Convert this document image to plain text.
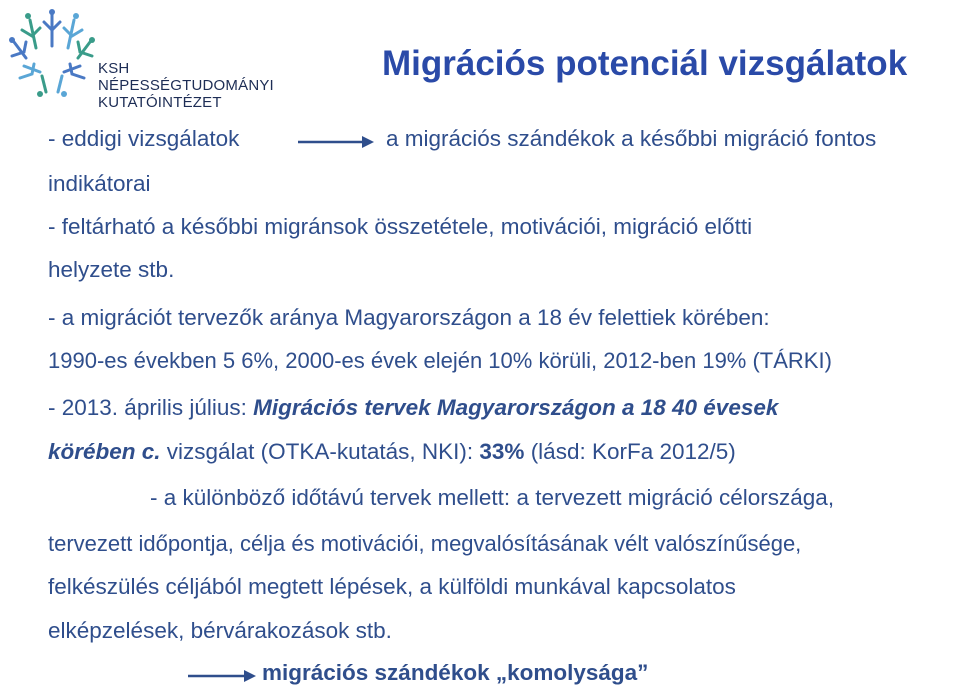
KSH NÉPESSÉGTUDOMÁNYI
KUTATÓINTÉZET
Migrációs potenciál vizsgálatok
- eddigi vizsgálatok	a migrációs szándékok a későbbi migráció fontos
indikátorai
- feltárható a későbbi migránsok összetétele, motivációi, migráció előtti
helyzete stb.
- a migrációt tervezők aránya Magyarországon a 18 év felettiek körében:
1990-es években 5 6%, 2000-es évek elején 10% körüli, 2012-ben 19% (TÁRKI)
- 2013. április július: Migrációs tervek Magyarországon a 18 40 évesek
körében c. vizsgálat (OTKA-kutatás, NKI): 33% (lásd: KorFa 2012/5)
- a különböző időtávú tervek mellett: a tervezett migráció célországa,
tervezett időpontja, célja és motivációi, megvalósításának vélt valószínűsége,
felkészülés céljából megtett lépések, a külföldi munkával kapcsolatos
elképzelések, bérvárakozások stb.
migrációs szándékok „komolysága”
